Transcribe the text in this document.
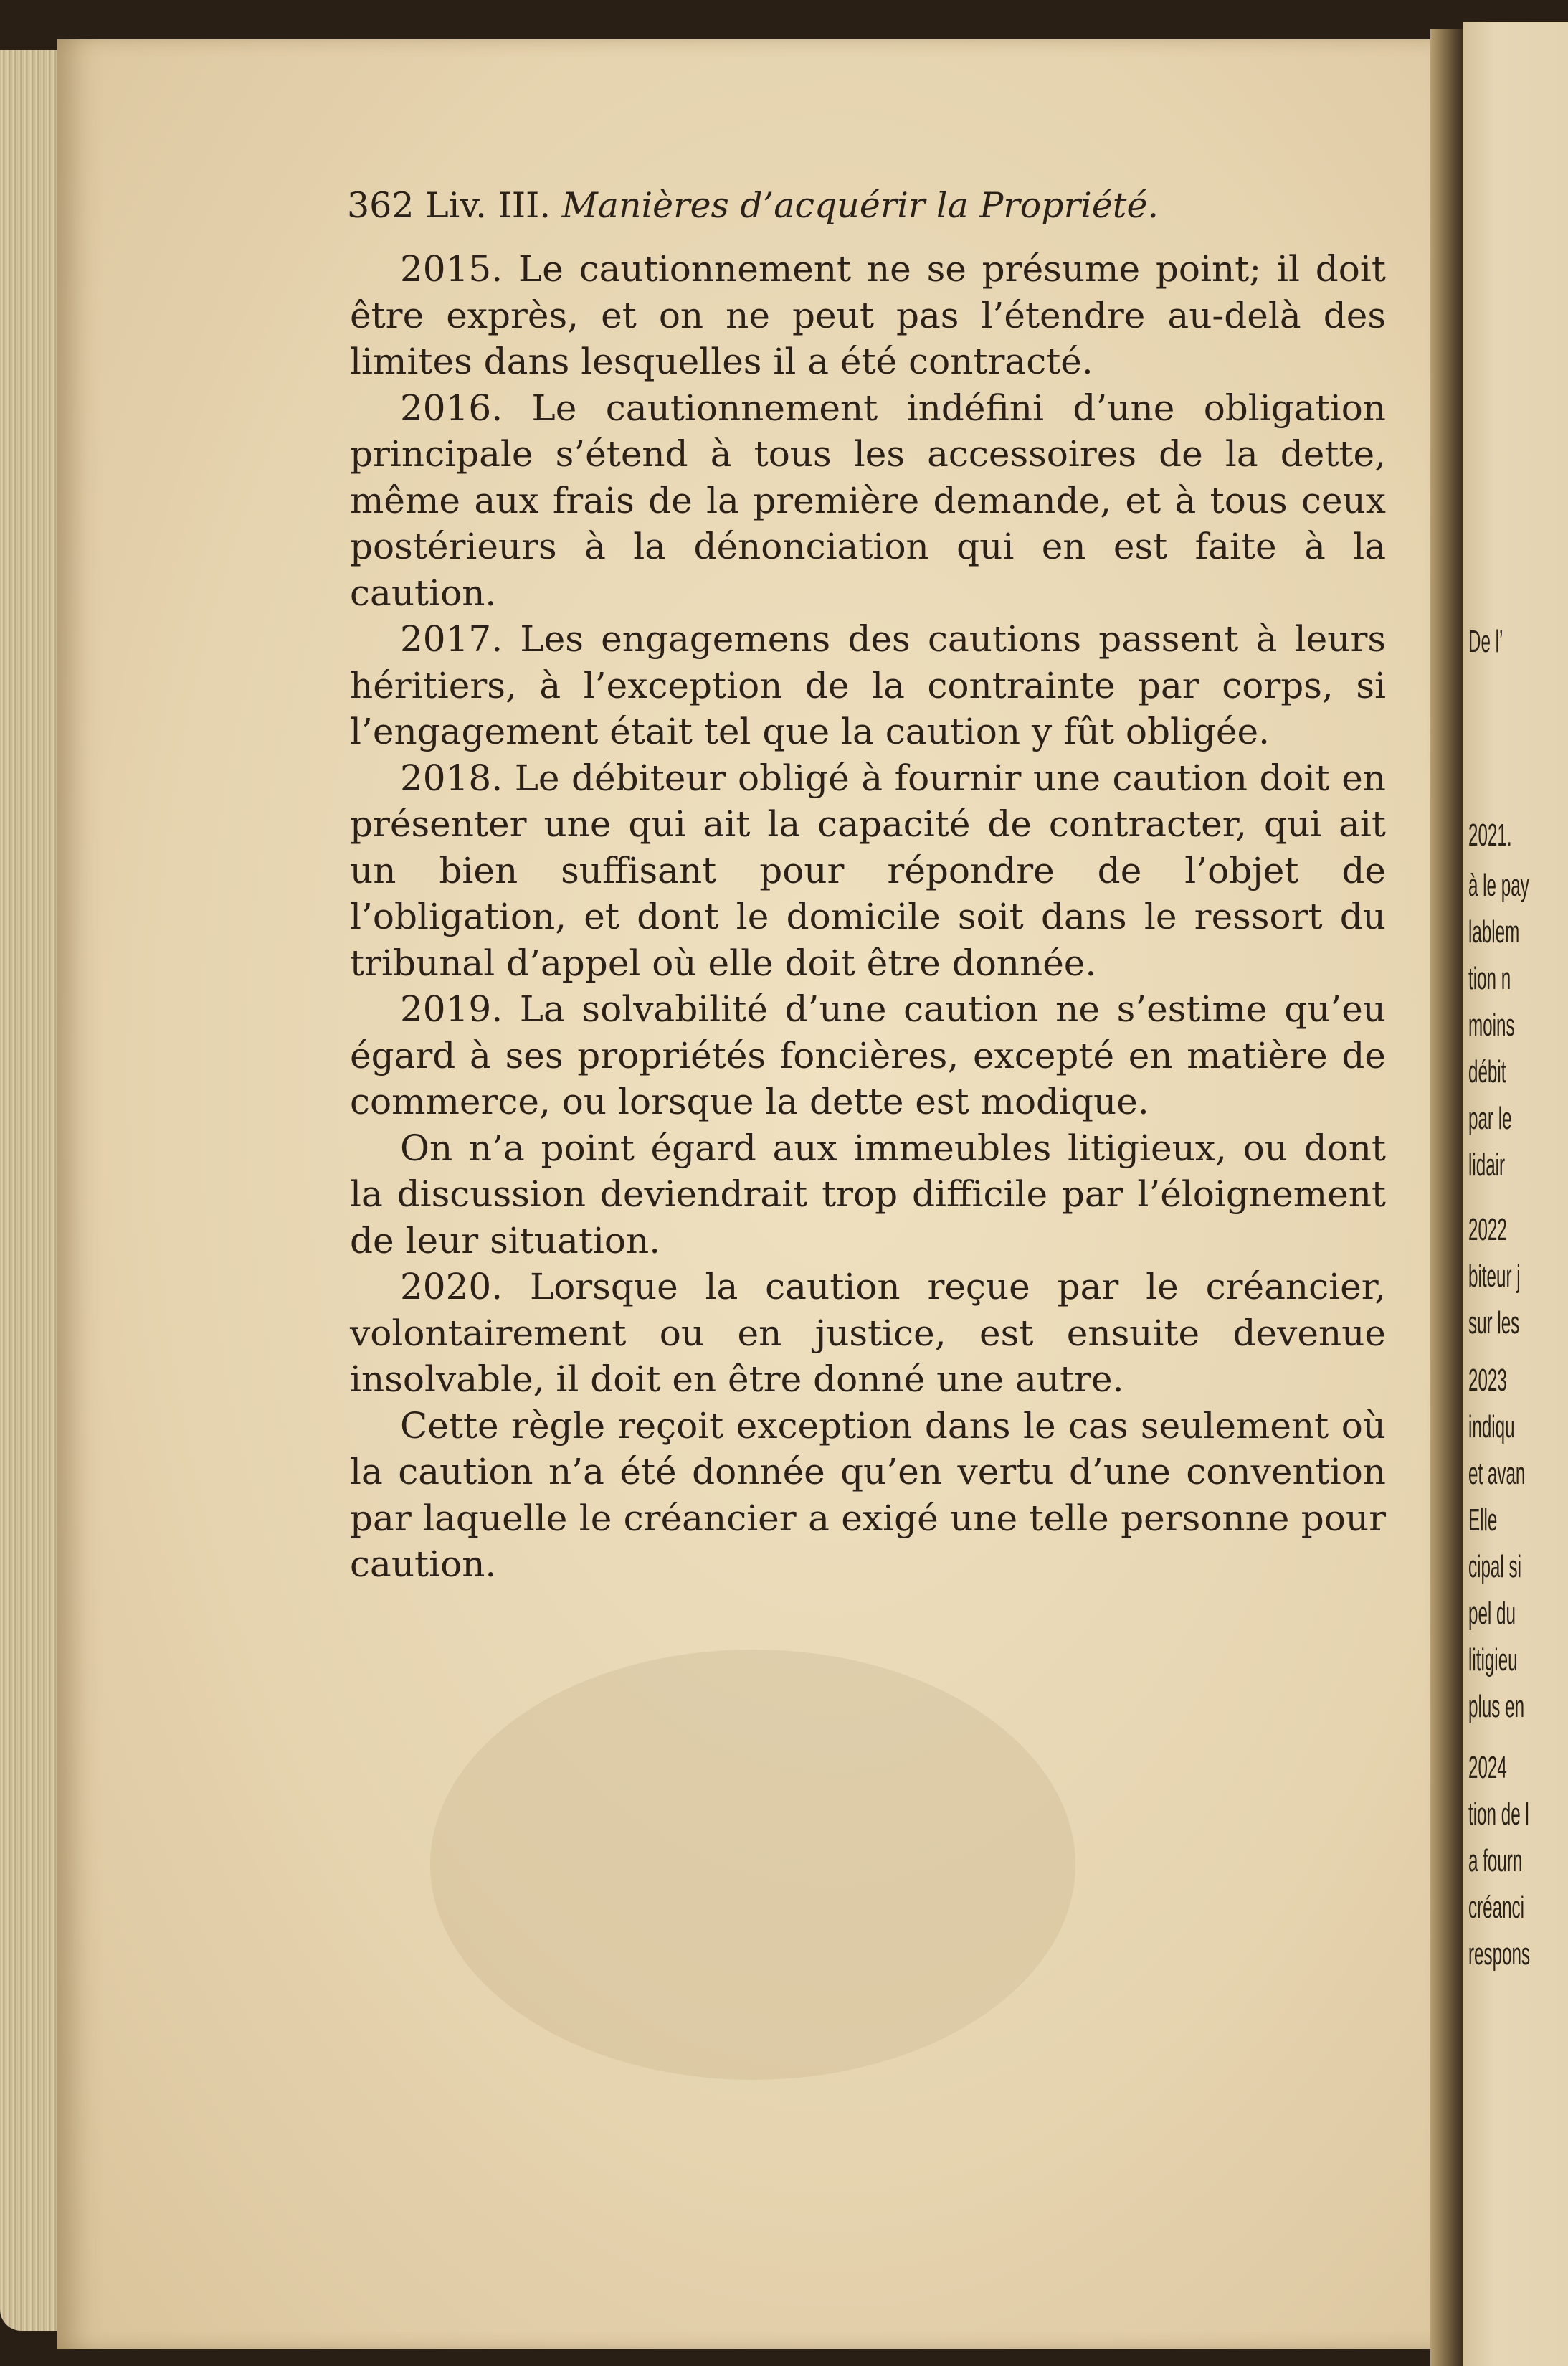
362 Liv. III. Manières d’acquérir la Propriété.

2015. Le cautionnement ne se présume point; il doit être exprès, et on ne peut pas l’étendre au-delà des limites dans lesquelles il a été contracté.

2016. Le cautionnement indéfini d’une obligation principale s’étend à tous les accessoires de la dette, même aux frais de la première demande, et à tous ceux postérieurs à la dénonciation qui en est faite à la caution.

2017. Les engagemens des cautions passent à leurs héritiers, à l’exception de la contrainte par corps, si l’engagement était tel que la caution y fût obligée.

2018. Le débiteur obligé à fournir une caution doit en présenter une qui ait la capacité de contracter, qui ait un bien suffisant pour répondre de l’objet de l’obligation, et dont le domicile soit dans le ressort du tribunal d’appel où elle doit être donnée.

2019. La solvabilité d’une caution ne s’estime qu’eu égard à ses propriétés foncières, excepté en matière de commerce, ou lorsque la dette est modique.

On n’a point égard aux immeubles litigieux, ou dont la discussion deviendrait trop difficile par l’éloignement de leur situation.

2020. Lorsque la caution reçue par le créancier, volontairement ou en justice, est ensuite devenue insolvable, il doit en être donné une autre.

Cette règle reçoit exception dans le cas seulement où la caution n’a été donnée qu’en vertu d’une convention par laquelle le créancier a exigé une telle personne pour caution.

De l’
2021.
à le pay
lablem
tion n
moins
débit
par le
lidair
2022
biteur j
sur les
2023
indiqu
et avan
Elle
cipal si
pel du
litigieu
plus en
2024
tion de l
a fourn
créanci
respons
